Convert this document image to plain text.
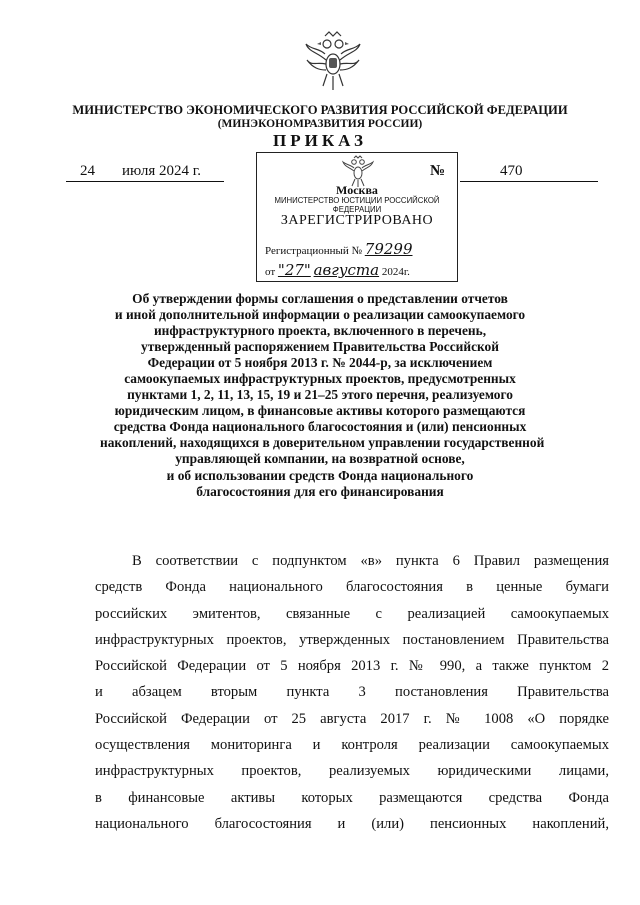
МИНИСТЕРСТВО ЭКОНОМИЧЕСКОГО РАЗВИТИЯ РОССИЙСКОЙ ФЕДЕРАЦИИ
(МИНЭКОНОМРАЗВИТИЯ РОССИИ)
ПРИКАЗ
24 июля 2024 г.	№	470
Москва
МИНИСТЕРСТВО ЮСТИЦИИ РОССИЙСКОЙ ФЕДЕРАЦИИ
ЗАРЕГИСТРИРОВАНО
Регистрационный № 79299
от "27" августа 2024г.
Об утверждении формы соглашения о представлении отчетов
и иной дополнительной информации о реализации самоокупаемого
инфраструктурного проекта, включенного в перечень,
утвержденный распоряжением Правительства Российской
Федерации от 5 ноября 2013 г. № 2044-р, за исключением
самоокупаемых инфраструктурных проектов, предусмотренных
пунктами 1, 2, 11, 13, 15, 19 и 21–25 этого перечня, реализуемого
юридическим лицом, в финансовые активы которого размещаются
средства Фонда национального благосостояния и (или) пенсионных
накоплений, находящихся в доверительном управлении государственной
управляющей компании, на возвратной основе,
и об использовании средств Фонда национального
благосостояния для его финансирования
В соответствии с подпунктом «в» пункта 6 Правил размещения
средств Фонда национального благосостояния в ценные бумаги
российских эмитентов, связанные с реализацией самоокупаемых
инфраструктурных проектов, утвержденных постановлением Правительства
Российской Федерации от 5 ноября 2013 г. № 990, а также пунктом 2
и абзацем вторым пункта 3 постановления Правительства
Российской Федерации от 25 августа 2017 г. № 1008 «О порядке
осуществления мониторинга и контроля реализации самоокупаемых
инфраструктурных проектов, реализуемых юридическими лицами,
в финансовые активы которых размещаются средства Фонда
национального благосостояния и (или) пенсионных накоплений,
